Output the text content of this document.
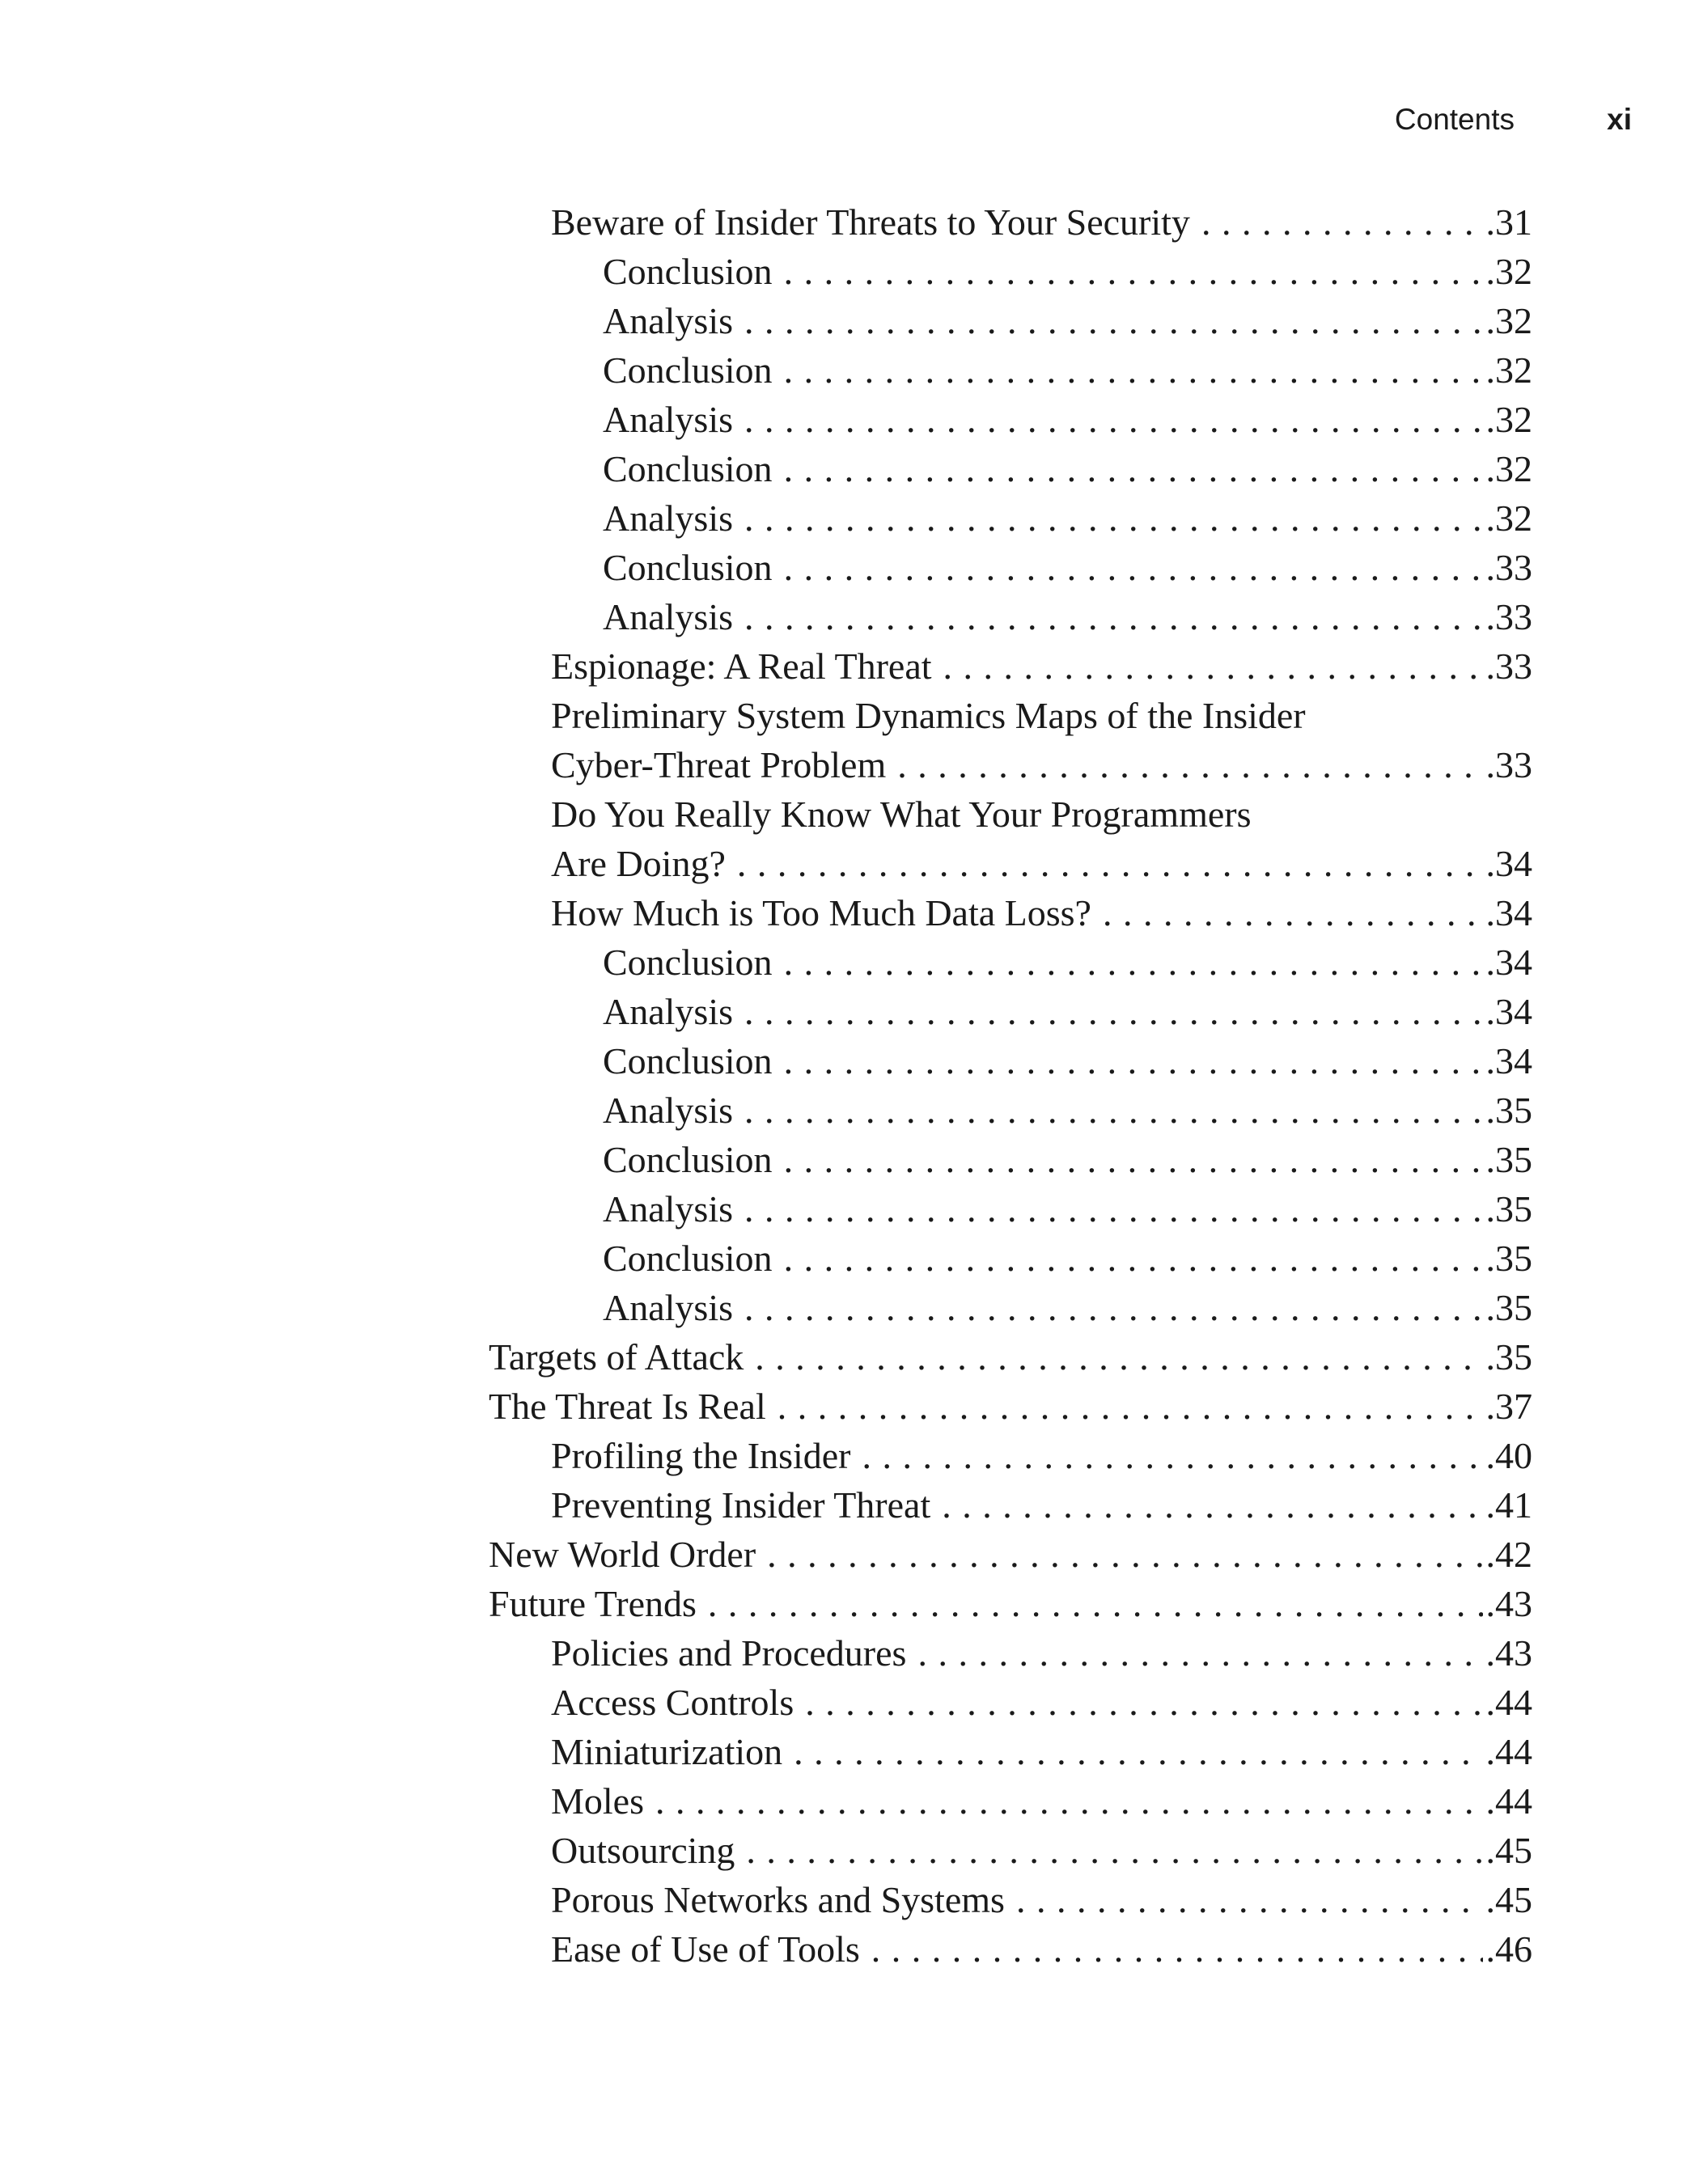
Contents	xi
Beware of Insider Threats to Your Security . . .	.31
Conclusion . . .	.32
Analysis . . .	.32
Conclusion . . .	.32
Analysis . . .	.32
Conclusion . . .	.32
Analysis . . .	.32
Conclusion . . .	.33
Analysis . . .	.33
Espionage: A Real Threat . . .	.33
Preliminary System Dynamics Maps of the Insider
Cyber-Threat Problem . . .	.33
Do You Really Know What Your Programmers
Are Doing? . . .	.34
How Much is Too Much Data Loss? . . .	.34
Conclusion . . .	.34
Analysis . . .	.34
Conclusion . . .	.34
Analysis . . .	.35
Conclusion . . .	.35
Analysis . . .	.35
Conclusion . . .	.35
Analysis . . .	.35
Targets of Attack . . .	.35
The Threat Is Real . . .	.37
Profiling the Insider . . .	.40
Preventing Insider Threat . . .	.41
New World Order . . .	.42
Future Trends . . .	.43
Policies and Procedures . . .	.43
Access Controls . . .	.44
Miniaturization . . .	.44
Moles . . .	.44
Outsourcing . . .	.45
Porous Networks and Systems . . .	.45
Ease of Use of Tools . . .	.46
